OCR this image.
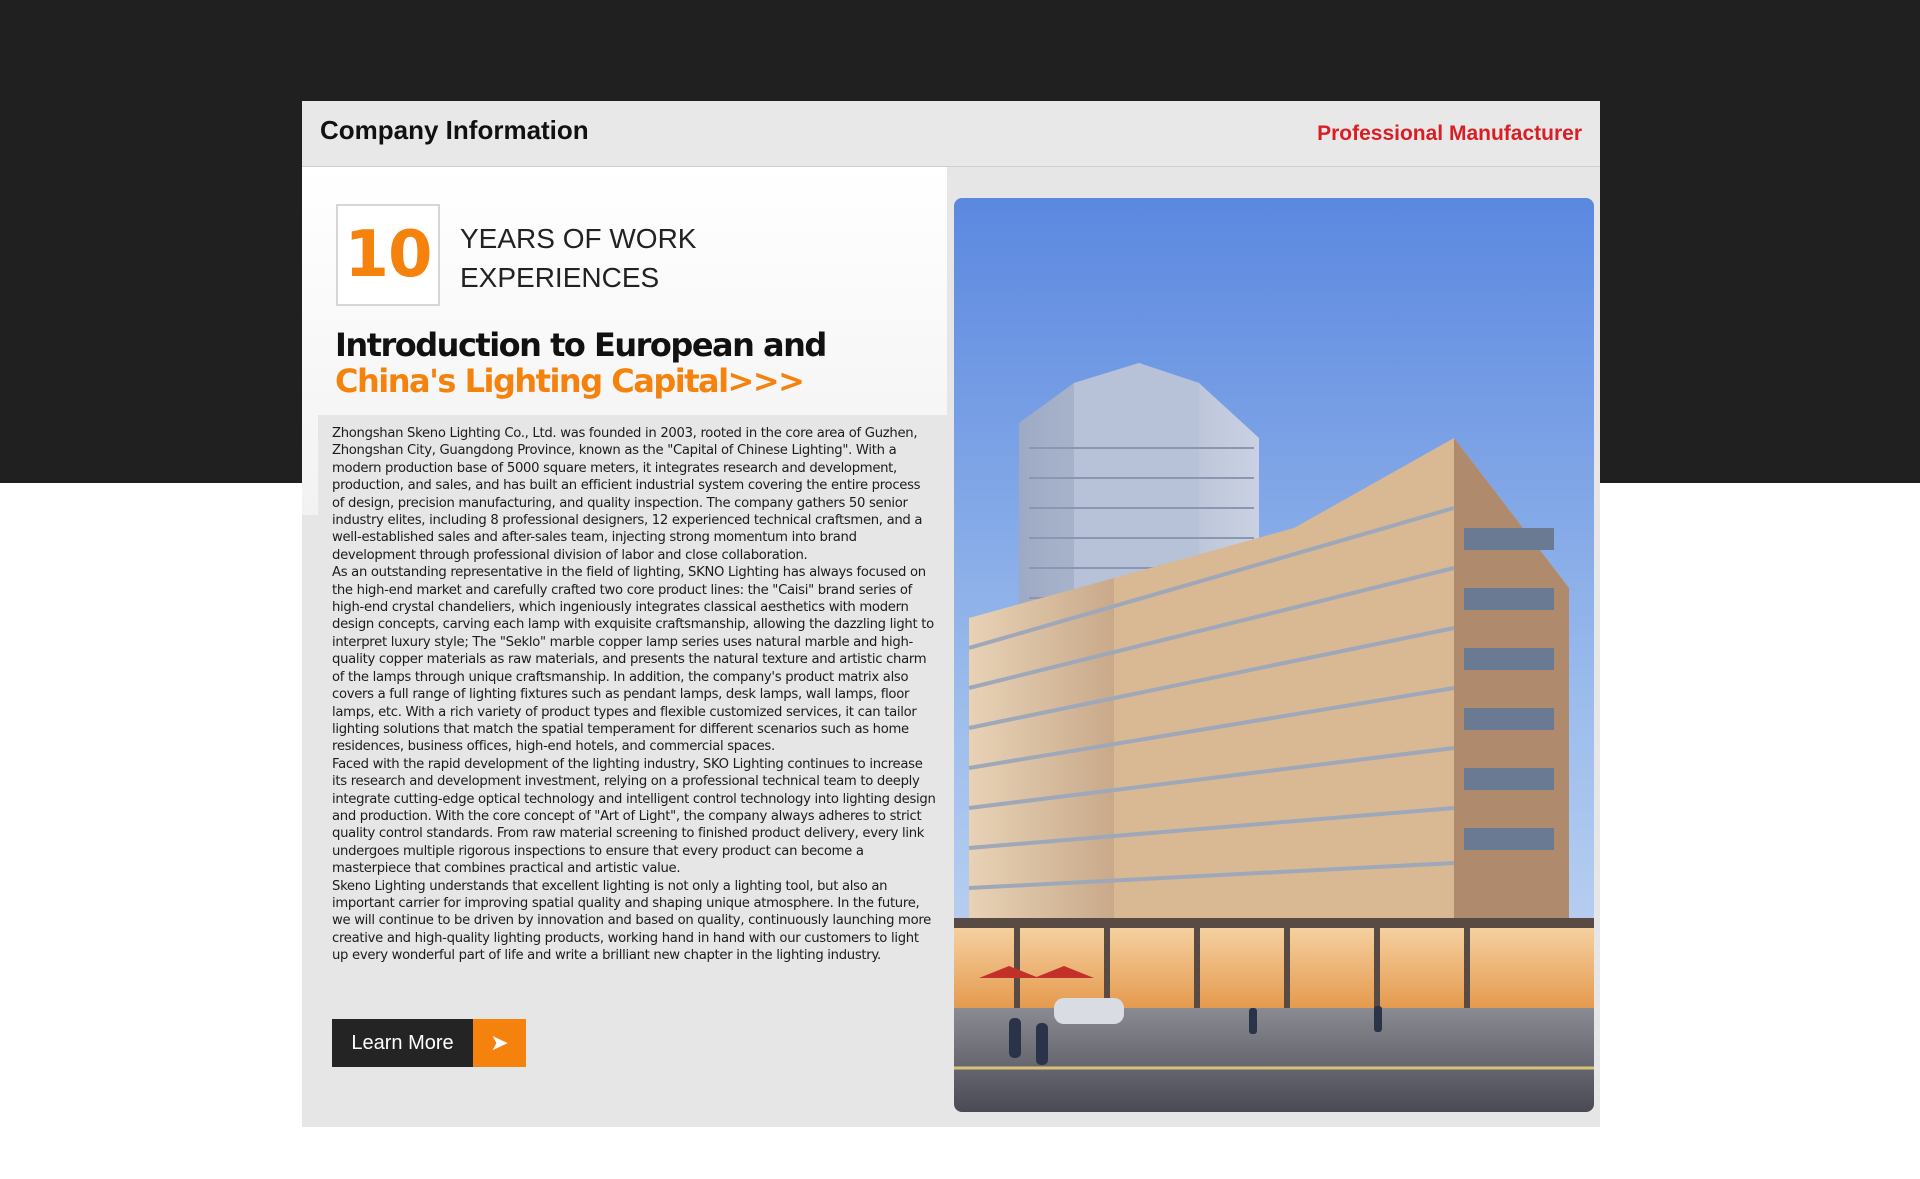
Company Information	Professional Manufacturer
10 YEARS OF WORK
EXPERIENCES
Introduction to European and
China's Lighting Capital>>>

Zhongshan Skeno Lighting Co., Ltd. was founded in 2003, rooted in the core area of Guzhen, Zhongshan City, Guangdong Province, known as the "Capital of Chinese Lighting". With a modern production base of 5000 square meters, it integrates research and development, production, and sales, and has built an efficient industrial system covering the entire process of design, precision manufacturing, and quality inspection. The company gathers 50 senior industry elites, including 8 professional designers, 12 experienced technical craftsmen, and a well-established sales and after-sales team, injecting strong momentum into brand development through professional division of labor and close collaboration.

As an outstanding representative in the field of lighting, SKNO Lighting has always focused on the high-end market and carefully crafted two core product lines: the "Caisi" brand series of high-end crystal chandeliers, which ingeniously integrates classical aesthetics with modern design concepts, carving each lamp with exquisite craftsmanship, allowing the dazzling light to interpret luxury style; The "Seklo" marble copper lamp series uses natural marble and high-quality copper materials as raw materials, and presents the natural texture and artistic charm of the lamps through unique craftsmanship. In addition, the company's product matrix also covers a full range of lighting fixtures such as pendant lamps, desk lamps, wall lamps, floor lamps, etc. With a rich variety of product types and flexible customized services, it can tailor lighting solutions that match the spatial temperament for different scenarios such as home residences, business offices, high-end hotels, and commercial spaces.

Faced with the rapid development of the lighting industry, SKO Lighting continues to increase its research and development investment, relying on a professional technical team to deeply integrate cutting-edge optical technology and intelligent control technology into lighting design and production. With the core concept of "Art of Light", the company always adheres to strict quality control standards. From raw material screening to finished product delivery, every link undergoes multiple rigorous inspections to ensure that every product can become a masterpiece that combines practical and artistic value.

Skeno Lighting understands that excellent lighting is not only a lighting tool, but also an important carrier for improving spatial quality and shaping unique atmosphere. In the future, we will continue to be driven by innovation and based on quality, continuously launching more creative and high-quality lighting products, working hand in hand with our customers to light up every wonderful part of life and write a brilliant new chapter in the lighting industry.

Learn More	➤
